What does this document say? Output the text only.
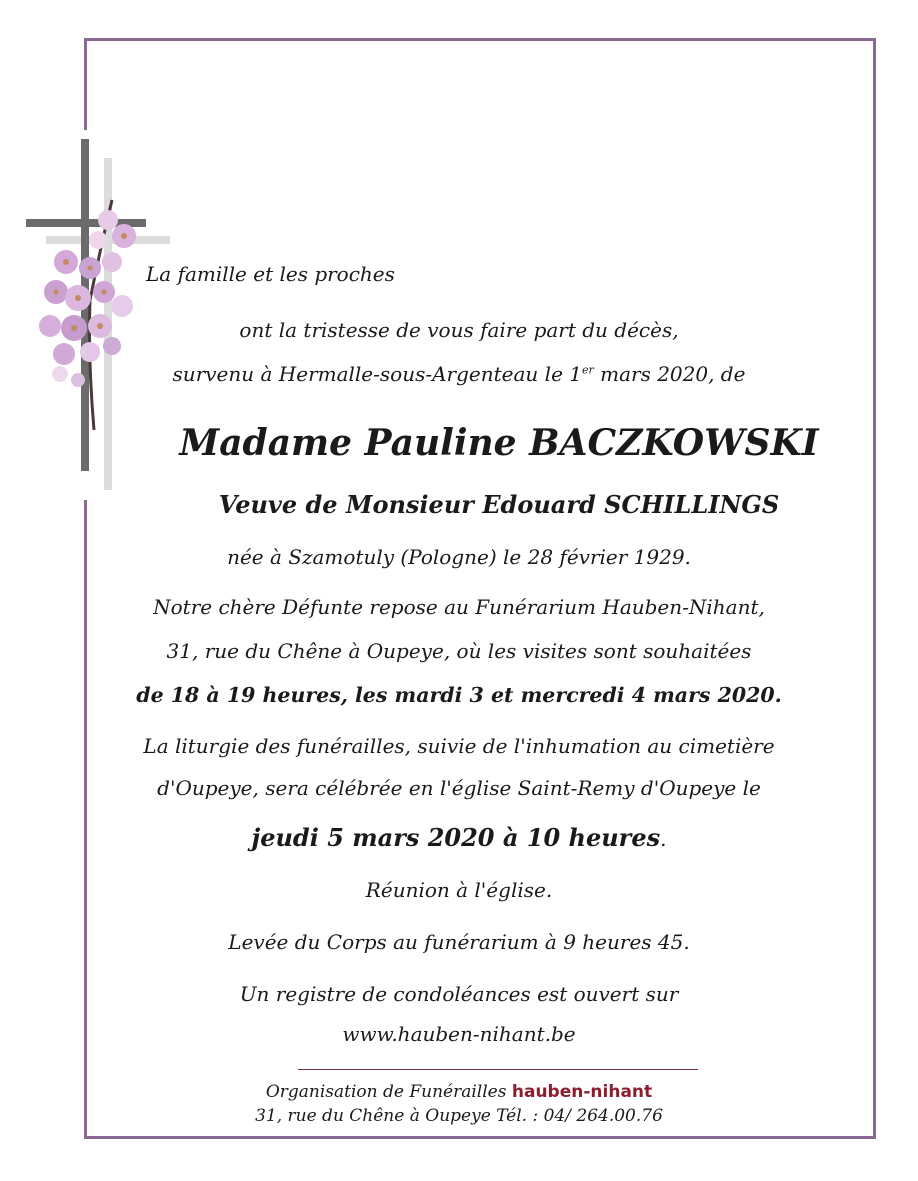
La famille et les proches
ont la tristesse de vous faire part du décès,
survenu à Hermalle-sous-Argenteau le 1er mars 2020, de
Madame Pauline BACZKOWSKI
Veuve de Monsieur Edouard SCHILLINGS
née à Szamotuly (Pologne) le 28 février 1929.
Notre chère Défunte repose au Funérarium Hauben-Nihant,
31, rue du Chêne à Oupeye, où les visites sont souhaitées
de 18 à 19 heures, les mardi 3 et mercredi 4 mars 2020.
La liturgie des funérailles, suivie de l'inhumation au cimetière
d'Oupeye, sera célébrée en l'église Saint-Remy d'Oupeye le
jeudi 5 mars 2020 à 10 heures.
Réunion à l'église.
Levée du Corps au funérarium à 9 heures 45.
Un registre de condoléances est ouvert sur
www.hauben-nihant.be
Organisation de Funérailles hauben-nihant
31, rue du Chêne à Oupeye Tél. : 04/ 264.00.76
